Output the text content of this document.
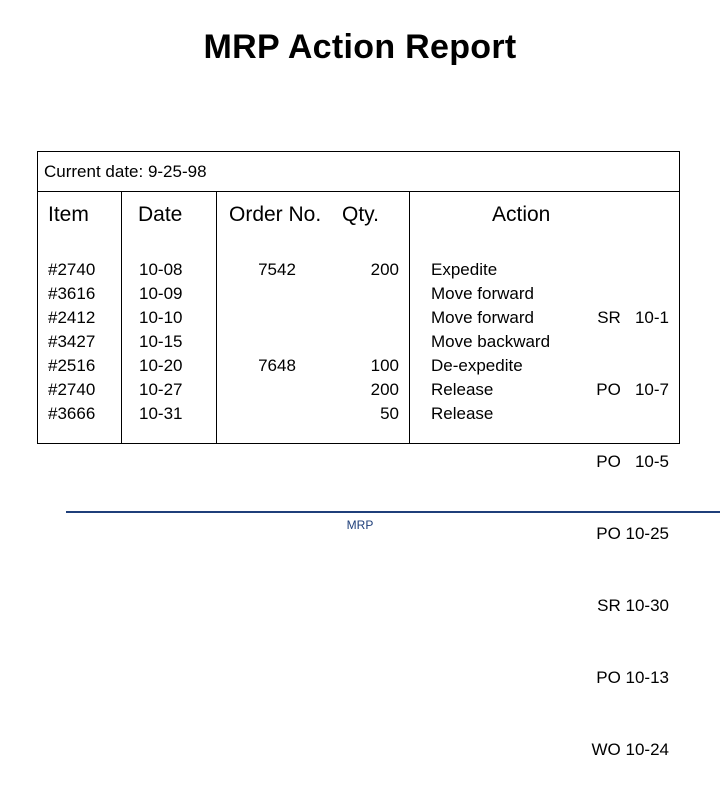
MRP Action Report
Current date: 9-25-98
Item Date Order No. Qty.	Action
#2740
#3616
#2412
#3427
#2516
#2740
#3666
10-08
10-09
10-10
10-15
10-20
10-27
10-31
7542
7648
200
100
200
50
Expedite
Move forward
Move forward
Move backward
De-expedite
Release
Release

SR   10-1

PO   10-7

PO   10-5

PO 10-25

SR 10-30

PO 10-13

WO 10-24

MRP
